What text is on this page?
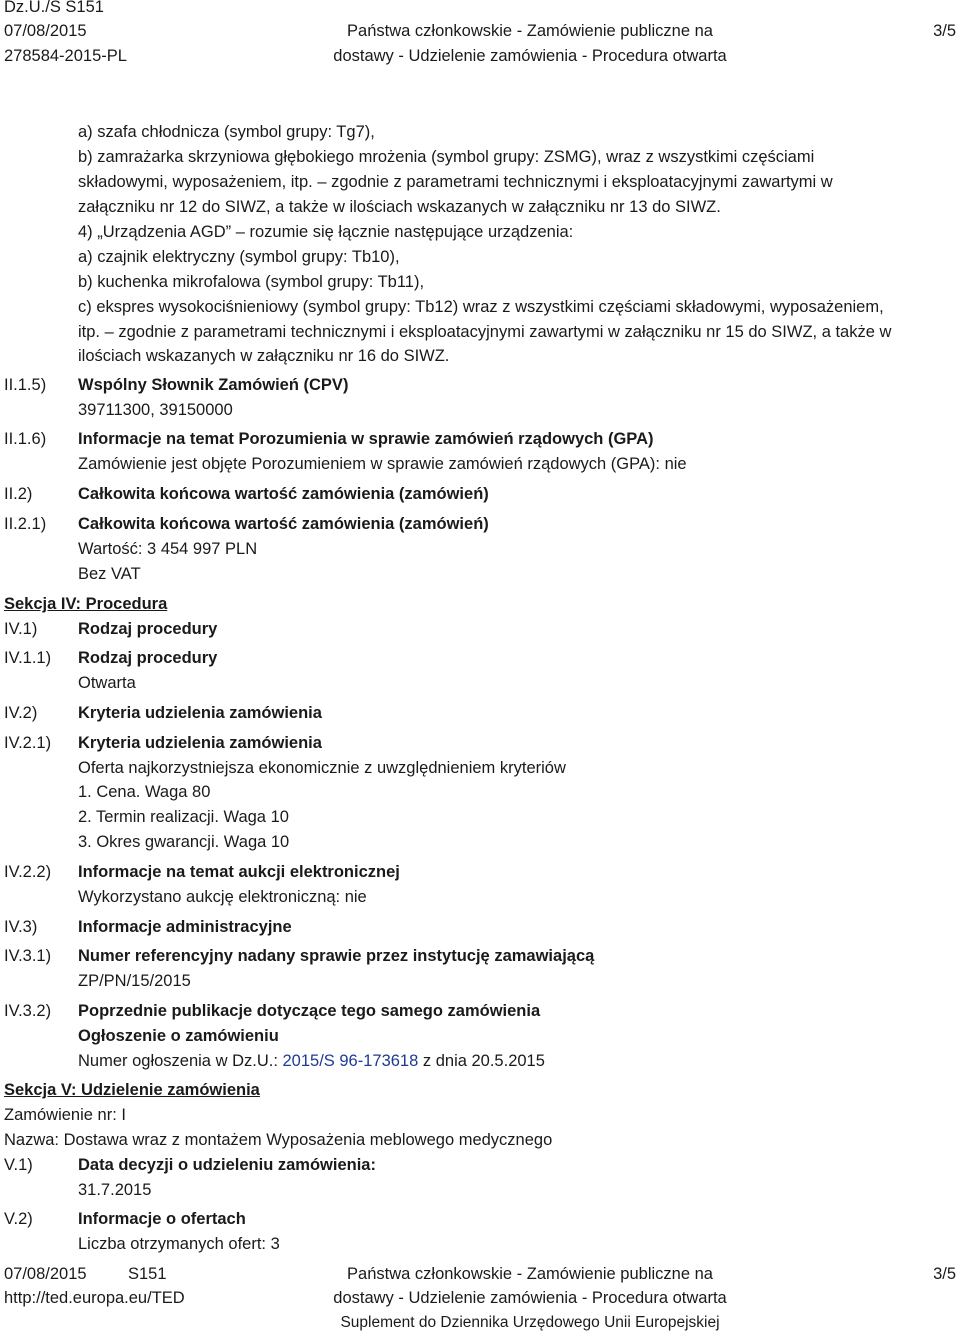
Dz.U./S S151
07/08/2015
278584-2015-PL
Państwa członkowskie - Zamówienie publiczne na
dostawy - Udzielenie zamówienia - Procedura otwarta
3/5
a) szafa chłodnicza (symbol grupy: Tg7),
b) zamrażarka skrzyniowa głębokiego mrożenia (symbol grupy: ZSMG), wraz z wszystkimi częściami
składowymi, wyposażeniem, itp. – zgodnie z parametrami technicznymi i eksploatacyjnymi zawartymi w
załączniku nr 12 do SIWZ, a także w ilościach wskazanych w załączniku nr 13 do SIWZ.
4) „Urządzenia AGD” – rozumie się łącznie następujące urządzenia:
a) czajnik elektryczny (symbol grupy: Tb10),
b) kuchenka mikrofalowa (symbol grupy: Tb11),
c) ekspres wysokociśnieniowy (symbol grupy: Tb12) wraz z wszystkimi częściami składowymi, wyposażeniem,
itp. – zgodnie z parametrami technicznymi i eksploatacyjnymi zawartymi w załączniku nr 15 do SIWZ, a także w
ilościach wskazanych w załączniku nr 16 do SIWZ.
II.1.5) Wspólny Słownik Zamówień (CPV)
39711300, 39150000
II.1.6) Informacje na temat Porozumienia w sprawie zamówień rządowych (GPA)
Zamówienie jest objęte Porozumieniem w sprawie zamówień rządowych (GPA): nie
II.2)	Całkowita końcowa wartość zamówienia (zamówień)
II.2.1) Całkowita końcowa wartość zamówienia (zamówień)
Wartość: 3 454 997 PLN
Bez VAT
Sekcja IV: Procedura
IV.1) Rodzaj procedury
IV.1.1) Rodzaj procedury
Otwarta
IV.2) Kryteria udzielenia zamówienia
IV.2.1) Kryteria udzielenia zamówienia
Oferta najkorzystniejsza ekonomicznie z uwzględnieniem kryteriów
1. Cena. Waga 80
2. Termin realizacji. Waga 10
3. Okres gwarancji. Waga 10
IV.2.2) Informacje na temat aukcji elektronicznej
Wykorzystano aukcję elektroniczną: nie
IV.3) Informacje administracyjne
IV.3.1) Numer referencyjny nadany sprawie przez instytucję zamawiającą
ZP/PN/15/2015
IV.3.2) Poprzednie publikacje dotyczące tego samego zamówienia
Ogłoszenie o zamówieniu
Numer ogłoszenia w Dz.U.: 2015/S 96-173618 z dnia 20.5.2015
Sekcja V: Udzielenie zamówienia
Zamówienie nr: I
Nazwa: Dostawa wraz z montażem Wyposażenia meblowego medycznego
V.1)	Data decyzji o udzieleniu zamówienia:
31.7.2015
V.2)	Informacje o ofertach
Liczba otrzymanych ofert: 3
07/08/2015	S151
http://ted.europa.eu/TED
Państwa członkowskie - Zamówienie publiczne na
dostawy - Udzielenie zamówienia - Procedura otwarta
Suplement do Dziennika Urzędowego Unii Europejskiej
3/5
